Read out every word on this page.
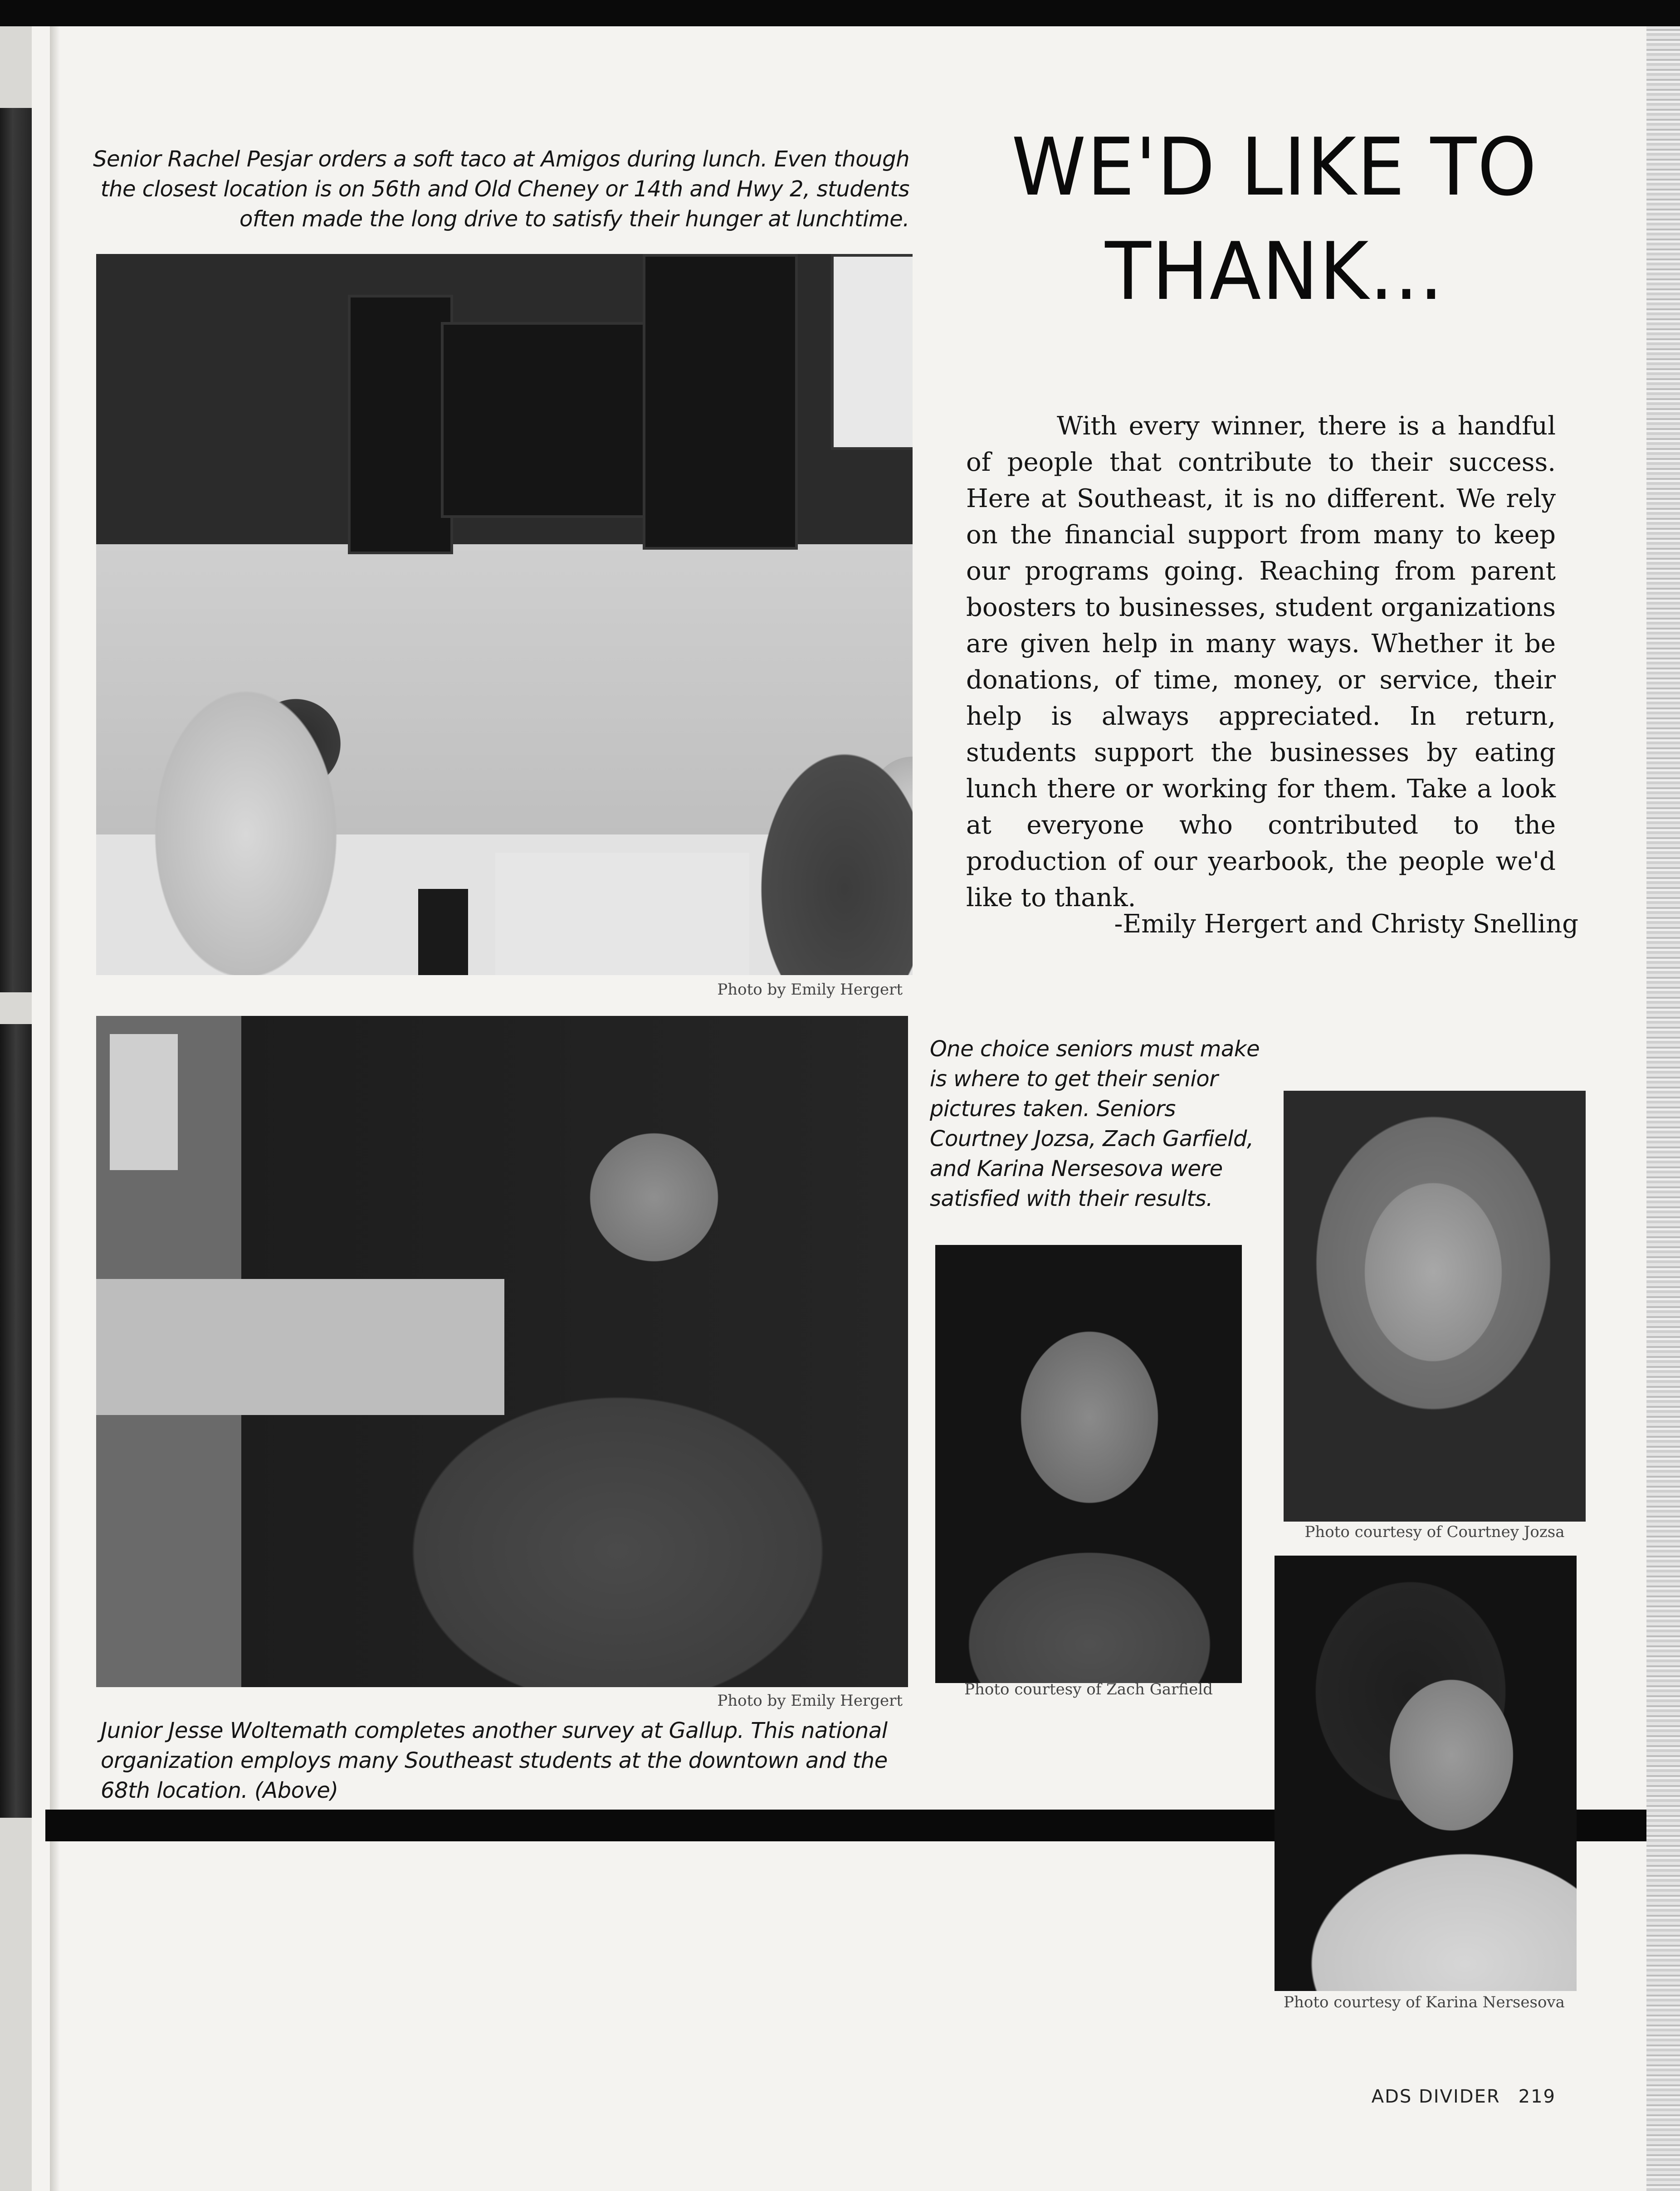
Senior Rachel Pesjar orders a soft taco at Amigos during lunch. Even though the closest location is on 56th and Old Cheney or 14th and Hwy 2, students often made the long drive to satisfy their hunger at lunchtime.
Photo by Emily Hergert
Photo by Emily Hergert
Junior Jesse Woltemath completes another survey at Gallup. This national organization employs many Southeast students at the downtown and the 68th location. (Above)
WE'D LIKE TO THANK...
With every winner, there is a handful of people that contribute to their success. Here at Southeast, it is no different. We rely on the financial support from many to keep our programs going. Reaching from parent boosters to businesses, student organizations are given help in many ways. Whether it be donations, of time, money, or service, their help is always appreciated. In return, students support the businesses by eating lunch there or working for them. Take a look at everyone who contributed to the production of our yearbook, the people we'd like to thank.
-Emily Hergert and Christy Snelling
One choice seniors must make is where to get their senior pictures taken. Seniors Courtney Jozsa, Zach Garfield, and Karina Nersesova were satisfied with their results.
Photo courtesy of Zach Garfield
Photo courtesy of Courtney Jozsa
Photo courtesy of Karina Nersesova
ADS DIVIDER 219
